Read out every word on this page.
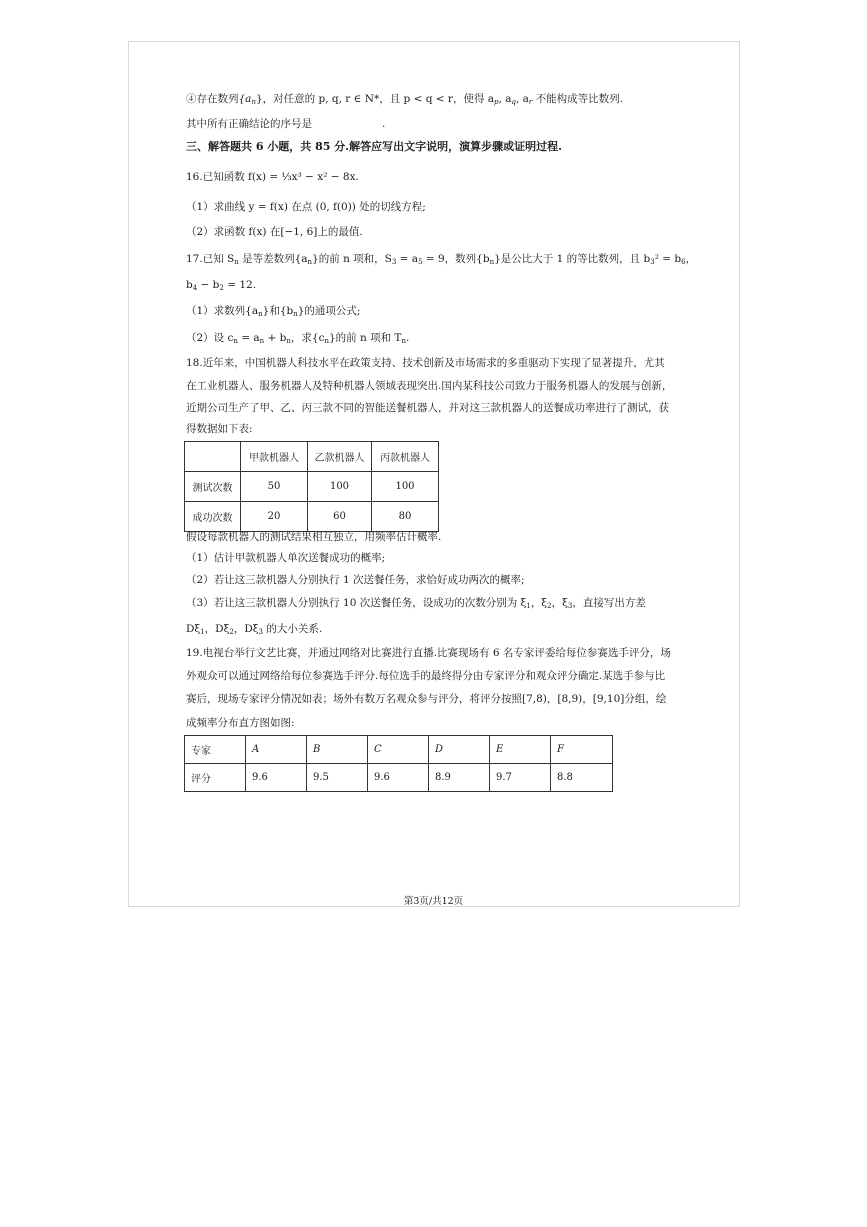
④存在数列$\{a_n\}$，对任意的 p, q, r ∈ N*，且 p < q < r，使得 $a_p$, $a_q$, $a_r$ 不能构成等比数列.
其中所有正确结论的序号是	.
三、解答题共 6 小题，共 85 分.解答应写出文字说明，演算步骤或证明过程.
16.已知函数 f(x) = ⅓x³ − x² − 8x.
（1）求曲线 y = f(x) 在点 (0, f(0)) 处的切线方程;
（2）求函数 f(x) 在[−1, 6]上的最值.
17.已知 $S_n$ 是等差数列$\{a_n\}$的前 n 项和，$S_3 = a_5 = 9$，数列$\{b_n\}$是公比大于 1 的等比数列，且 $b_3^2 = b_6$，
$b_4 - b_2 = 12$.
（1）求数列$\{a_n\}$和$\{b_n\}$的通项公式;
（2）设 $c_n = a_n + b_n$，求$\{c_n\}$的前 n 项和 $T_n$.
18.近年来，中国机器人科技水平在政策支持、技术创新及市场需求的多重驱动下实现了显著提升，尤其
在工业机器人、服务机器人及特种机器人领域表现突出.国内某科技公司致力于服务机器人的发展与创新，
近期公司生产了甲、乙、丙三款不同的智能送餐机器人，并对这三款机器人的送餐成功率进行了测试，获
得数据如下表:
	甲款机器人	乙款机器人	丙款机器人
测试次数	50	100	100
成功次数	20	60	80
假设每款机器人的测试结果相互独立，用频率估计概率.
（1）估计甲款机器人单次送餐成功的概率;
（2）若让这三款机器人分别执行 1 次送餐任务，求恰好成功两次的概率;
（3）若让这三款机器人分别执行 10 次送餐任务，设成功的次数分别为 $\xi_1$，$\xi_2$，$\xi_3$，直接写出方差
$D\xi_1$，$D\xi_2$，$D\xi_3$ 的大小关系.
19.电视台举行文艺比赛，并通过网络对比赛进行直播.比赛现场有 6 名专家评委给每位参赛选手评分，场
外观众可以通过网络给每位参赛选手评分.每位选手的最终得分由专家评分和观众评分确定.某选手参与比
赛后，现场专家评分情况如表；场外有数万名观众参与评分，将评分按照[7,8)，[8,9)，[9,10]分组，绘
成频率分布直方图如图:
专家	A	B	C	D	E	F
评分	9.6	9.5	9.6	8.9	9.7	8.8
第3页/共12页
